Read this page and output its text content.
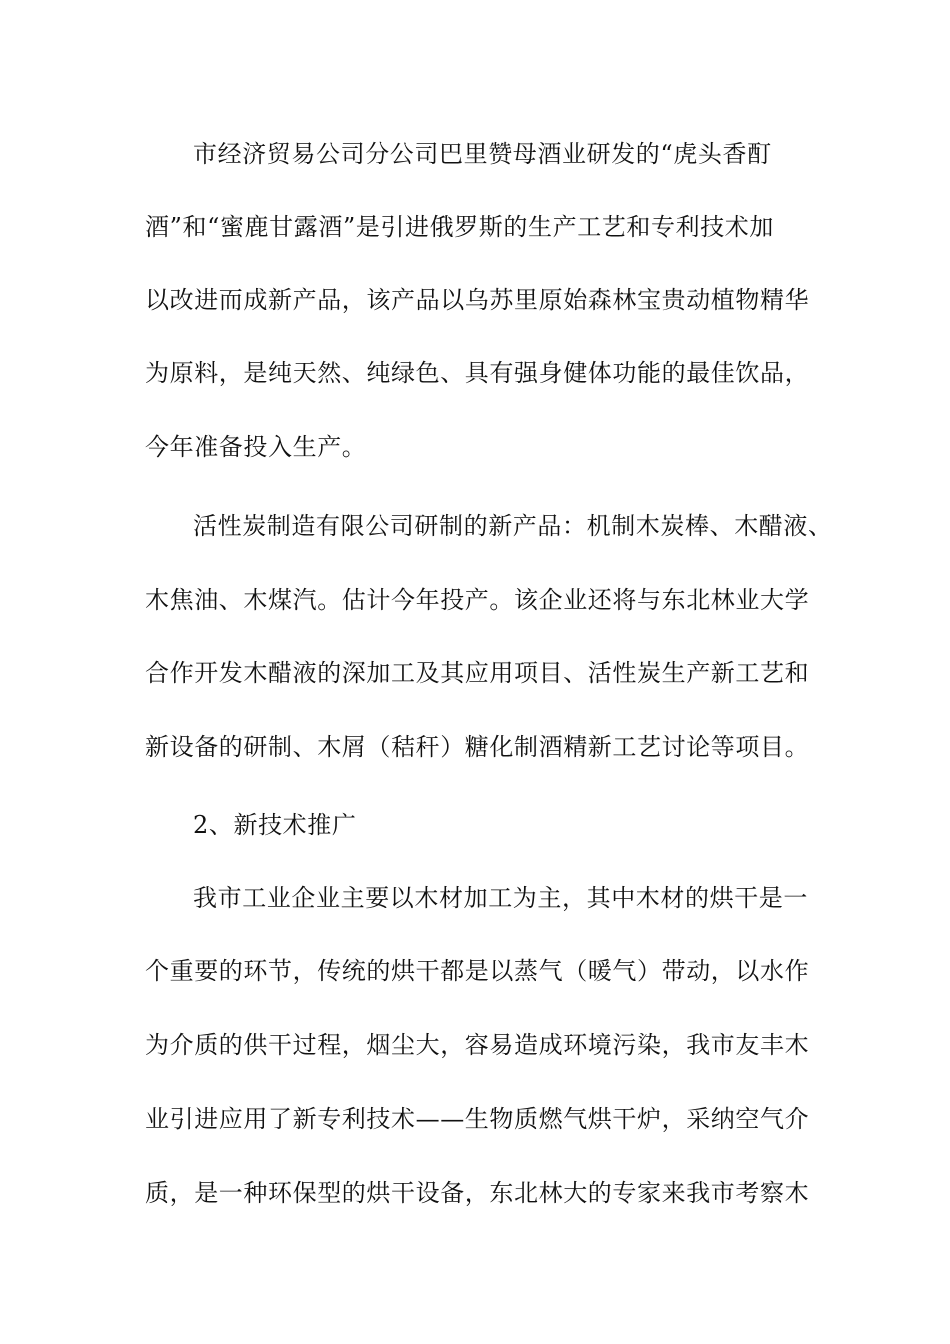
市经济贸易公司分公司巴里赞母酒业研发的“虎头香酊
酒”和“蜜鹿甘露酒”是引进俄罗斯的生产工艺和专利技术加
以改进而成新产品，该产品以乌苏里原始森林宝贵动植物精华
为原料，是纯天然、纯绿色、具有强身健体功能的最佳饮品，
今年准备投入生产。
活性炭制造有限公司研制的新产品：机制木炭棒、木醋液、
木焦油、木煤汽。估计今年投产。该企业还将与东北林业大学
合作开发木醋液的深加工及其应用项目、活性炭生产新工艺和
新设备的研制、木屑（秸秆）糖化制酒精新工艺讨论等项目。
2、新技术推广
我市工业企业主要以木材加工为主，其中木材的烘干是一
个重要的环节，传统的烘干都是以蒸气（暖气）带动，以水作
为介质的供干过程，烟尘大，容易造成环境污染，我市友丰木
业引进应用了新专利技术——生物质燃气烘干炉，采纳空气介
质，是一种环保型的烘干设备，东北林大的专家来我市考察木
